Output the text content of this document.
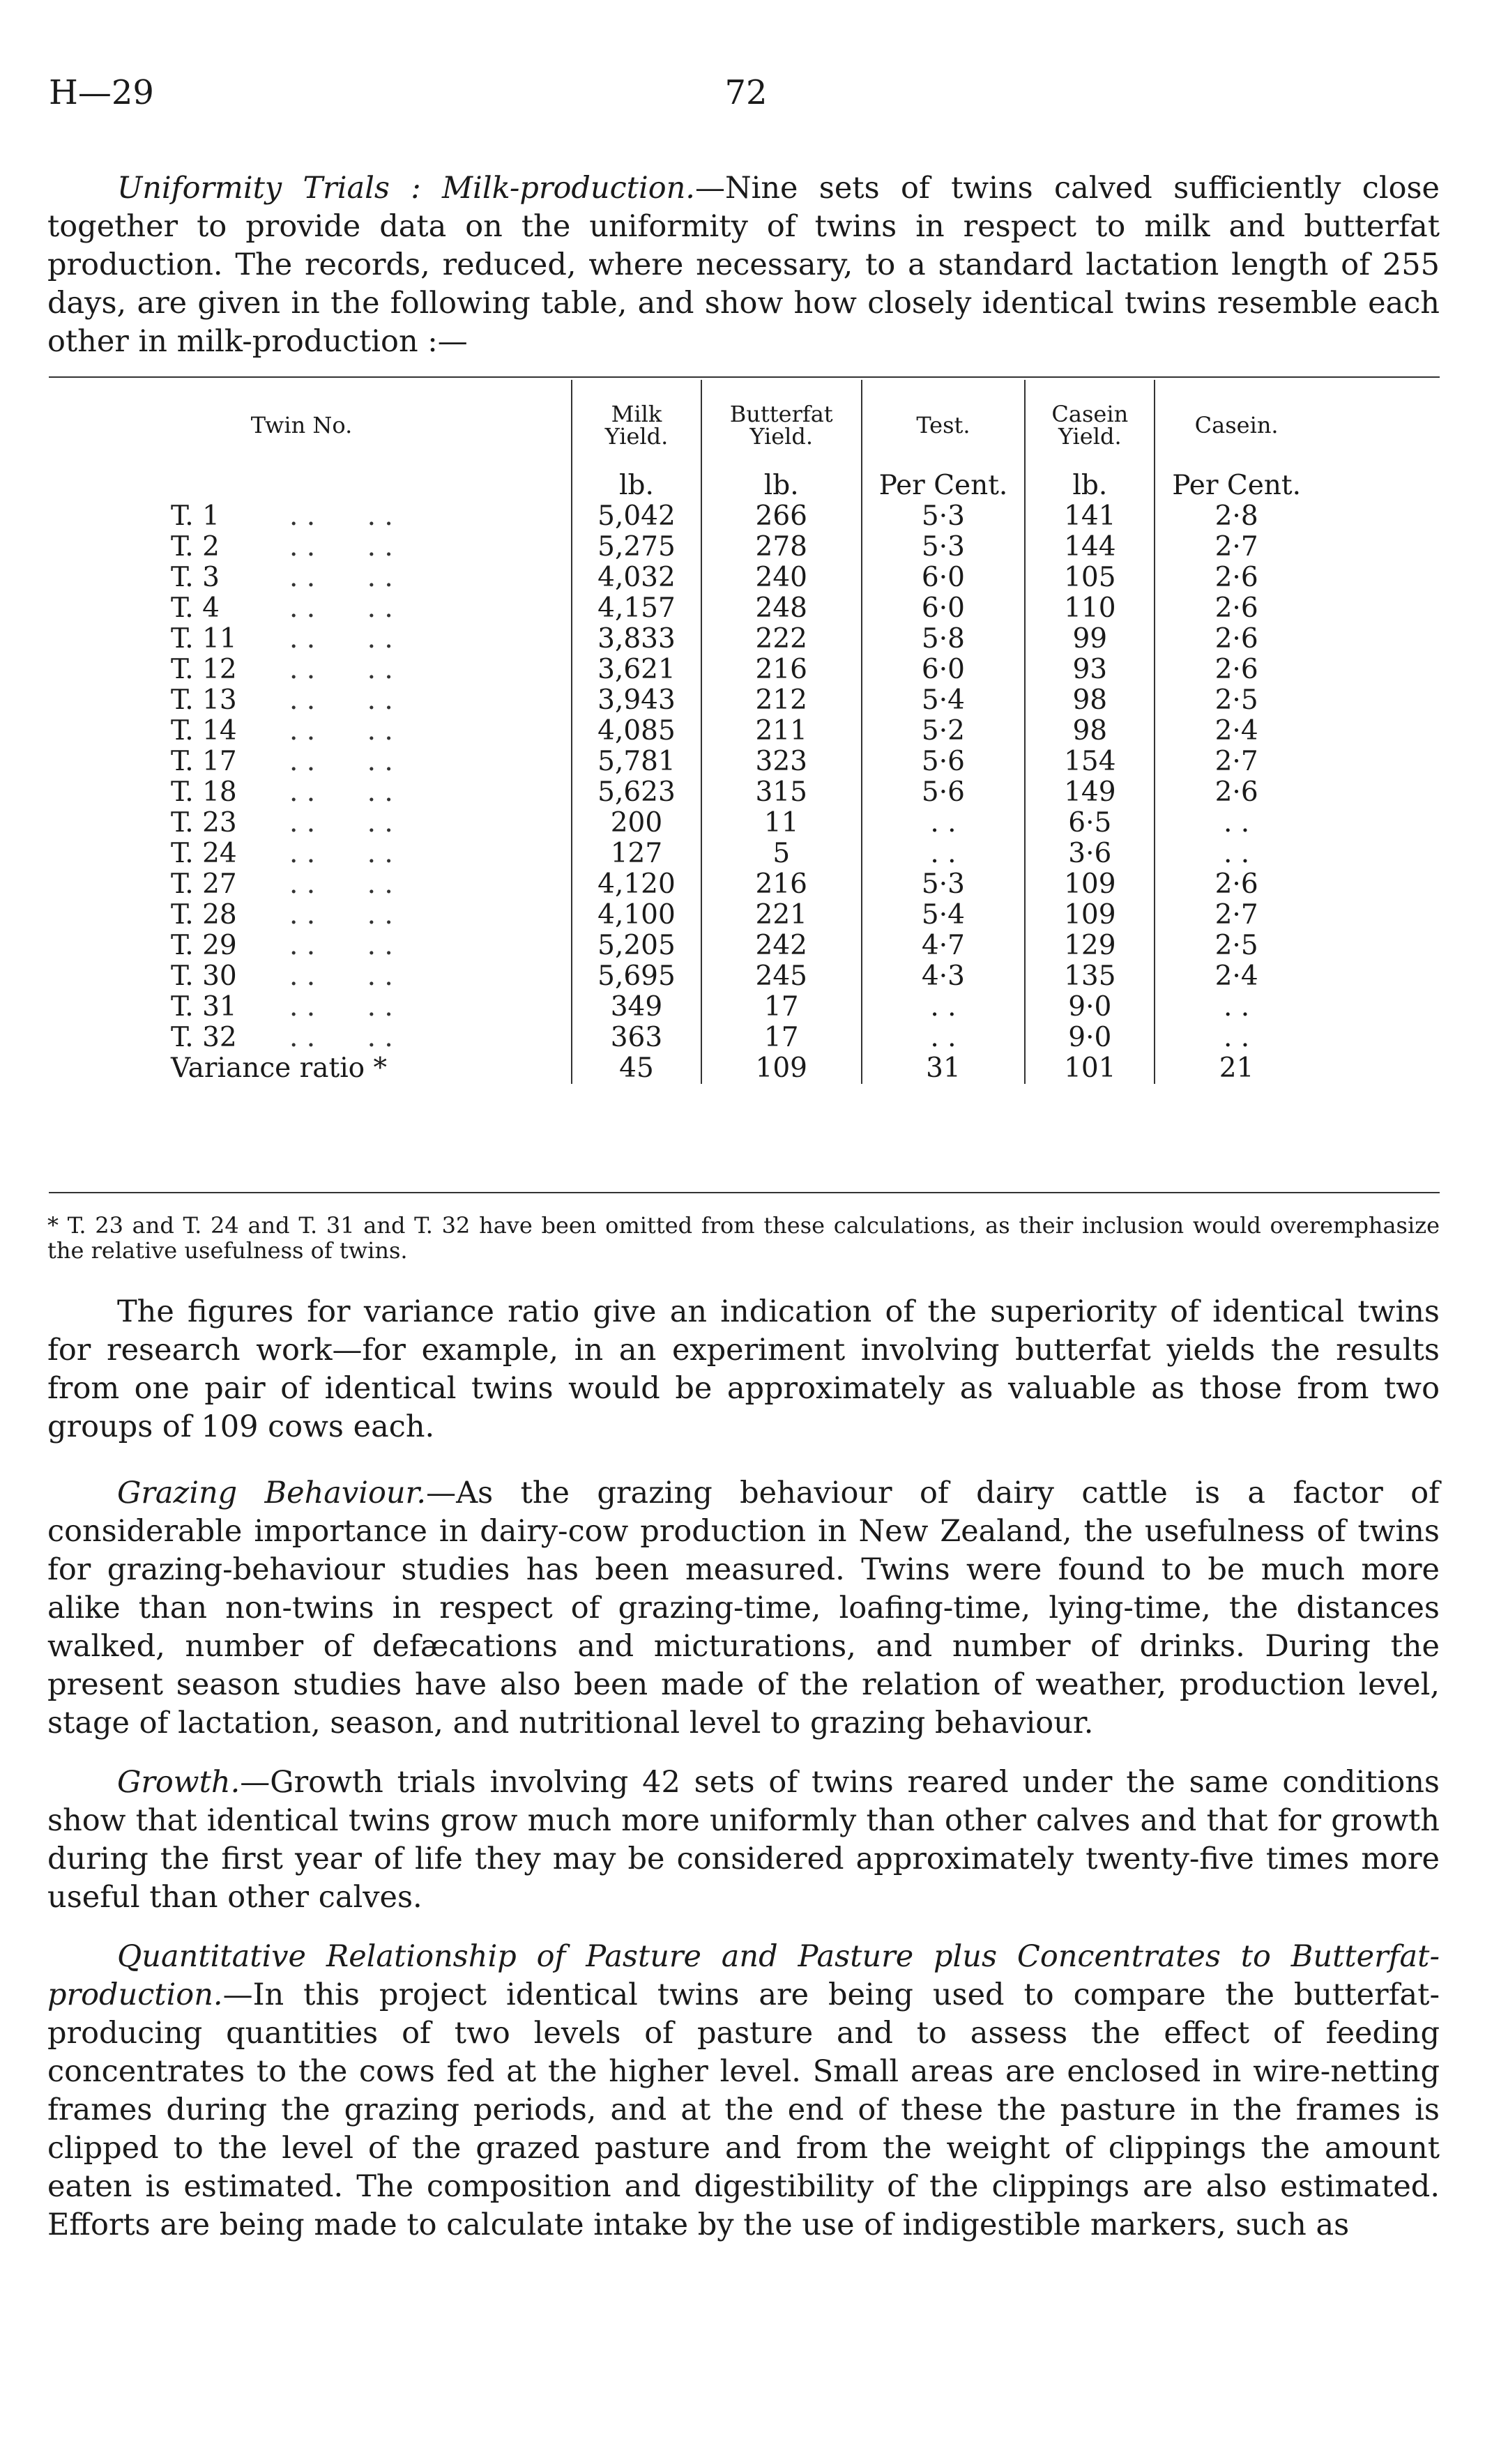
H—29	72
Uniformity Trials : Milk-production.—Nine sets of twins calved sufficiently close together to provide data on the uniformity of twins in respect to milk and butterfat production. The records, reduced, where necessary, to a standard lactation length of 255 days, are given in the following table, and show how closely identical twins resemble each other in milk-production :—
Twin No.	Milk Yield.	Butterfat Yield.	Test.	Casein Yield.	Casein.
	lb.	lb.	Per Cent.	lb.	Per Cent.
T. 1 . .      . .	5,042	266	5·3	141	2·8
T. 2 . .      . .	5,275	278	5·3	144	2·7
T. 3 . .      . .	4,032	240	6·0	105	2·6
T. 4 . .      . .	4,157	248	6·0	110	2·6
T. 11 . .      . .	3,833	222	5·8	99	2·6
T. 12 . .      . .	3,621	216	6·0	93	2·6
T. 13 . .      . .	3,943	212	5·4	98	2·5
T. 14 . .      . .	4,085	211	5·2	98	2·4
T. 17 . .      . .	5,781	323	5·6	154	2·7
T. 18 . .      . .	5,623	315	5·6	149	2·6
T. 23 . .      . .	200	11	. .	6·5	. .
T. 24 . .      . .	127	5	. .	3·6	. .
T. 27 . .      . .	4,120	216	5·3	109	2·6
T. 28 . .      . .	4,100	221	5·4	109	2·7
T. 29 . .      . .	5,205	242	4·7	129	2·5
T. 30 . .      . .	5,695	245	4·3	135	2·4
T. 31 . .      . .	349	17	. .	9·0	. .
T. 32 . .      . .	363	17	. .	9·0	. .
Variance ratio *	45	109	31	101	21
* T. 23 and T. 24 and T. 31 and T. 32 have been omitted from these calculations, as their inclusion would overemphasize the relative usefulness of twins.
The figures for variance ratio give an indication of the superiority of identical twins for research work—for example, in an experiment involving butterfat yields the results from one pair of identical twins would be approximately as valuable as those from two groups of 109 cows each.
Grazing Behaviour.—As the grazing behaviour of dairy cattle is a factor of considerable importance in dairy-cow production in New Zealand, the usefulness of twins for grazing-behaviour studies has been measured. Twins were found to be much more alike than non-twins in respect of grazing-time, loafing-time, lying-time, the distances walked, number of defæcations and micturations, and number of drinks. During the present season studies have also been made of the relation of weather, production level, stage of lactation, season, and nutritional level to grazing behaviour.
Growth.—Growth trials involving 42 sets of twins reared under the same conditions show that identical twins grow much more uniformly than other calves and that for growth during the first year of life they may be considered approximately twenty-five times more useful than other calves.
Quantitative Relationship of Pasture and Pasture plus Concentrates to Butterfat-production.—In this project identical twins are being used to compare the butterfat-producing quantities of two levels of pasture and to assess the effect of feeding concentrates to the cows fed at the higher level. Small areas are enclosed in wire-netting frames during the grazing periods, and at the end of these the pasture in the frames is clipped to the level of the grazed pasture and from the weight of clippings the amount eaten is estimated. The composition and digestibility of the clippings are also estimated. Efforts are being made to calculate intake by the use of indigestible markers, such as
